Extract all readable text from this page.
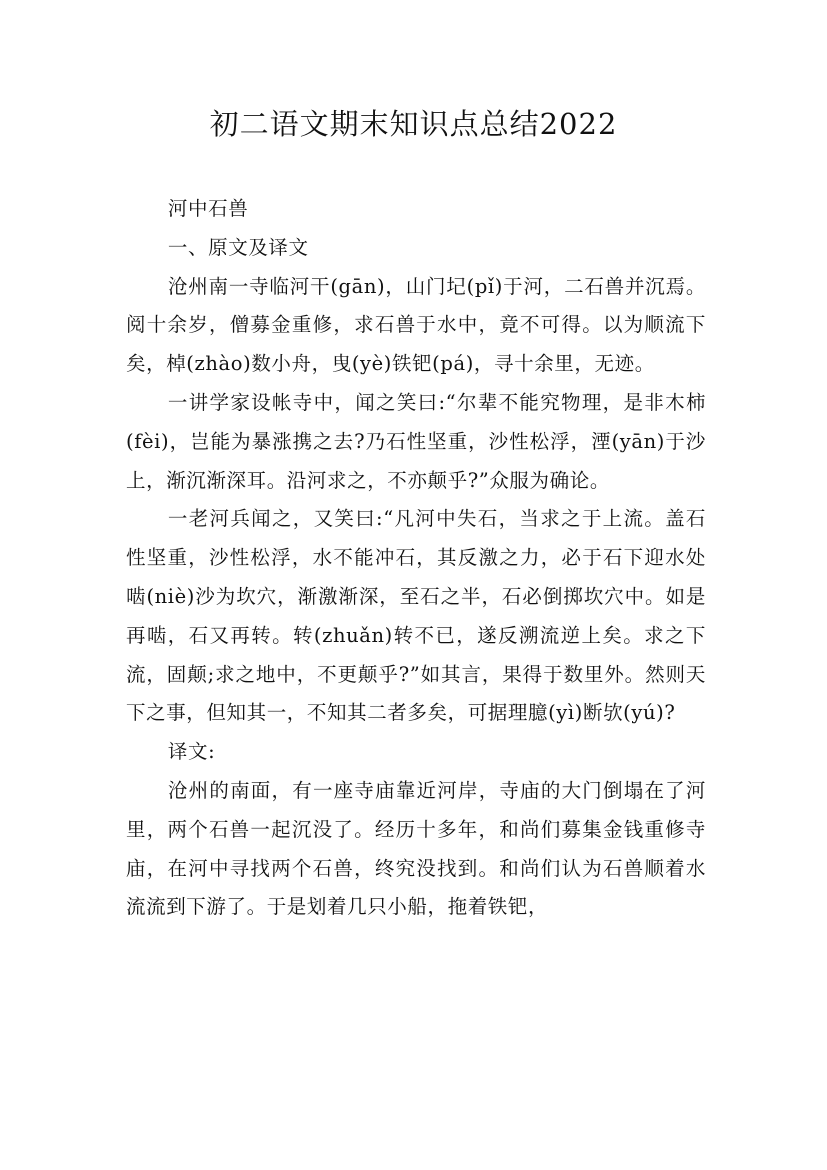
初二语文期末知识点总结2022

河中石兽

一、原文及译文

沧州南一寺临河干(gān)，山门圮(pǐ)于河，二石兽并沉焉。阅十余岁，僧募金重修，求石兽于水中，竟不可得。以为顺流下矣，棹(zhào)数小舟，曳(yè)铁钯(pá)，寻十余里，无迹。

一讲学家设帐寺中，闻之笑曰:“尔辈不能究物理，是非木柿(fèi)，岂能为暴涨携之去?乃石性坚重，沙性松浮，湮(yān)于沙上，渐沉渐深耳。沿河求之，不亦颠乎?”众服为确论。

一老河兵闻之，又笑曰:“凡河中失石，当求之于上流。盖石性坚重，沙性松浮，水不能冲石，其反激之力，必于石下迎水处啮(niè)沙为坎穴，渐激渐深，至石之半，石必倒掷坎穴中。如是再啮，石又再转。转(zhuǎn)转不已，遂反溯流逆上矣。求之下流，固颠;求之地中，不更颠乎?”如其言，果得于数里外。然则天下之事，但知其一，不知其二者多矣，可据理臆(yì)断欤(yú)?

译文:

沧州的南面，有一座寺庙靠近河岸，寺庙的大门倒塌在了河里，两个石兽一起沉没了。经历十多年，和尚们募集金钱重修寺庙，在河中寻找两个石兽，终究没找到。和尚们认为石兽顺着水流流到下游了。于是划着几只小船，拖着铁钯，
